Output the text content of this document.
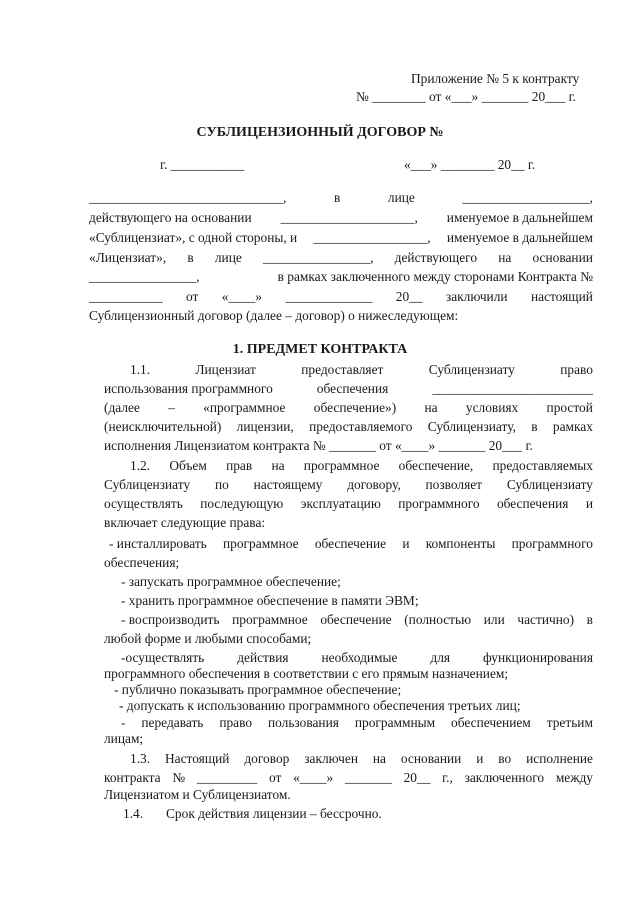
Приложение № 5 к контракту
№ ________ от «___» _______ 20___ г.
СУБЛИЦЕНЗИОННЫЙ ДОГОВОР №
г. ___________	«___» ________ 20__ г.
_____________________________,	в	лице	___________________,
действующего на основании ____________________, именуемое в дальнейшем
«Сублицензиат», с одной стороны, и _________________, именуемое в дальнейшем
«Лицензиат», в лице ________________, действующего на основании
________________,	в рамках заключенного между сторонами Контракта №
___________ от «____» _____________ 20__ заключили настоящий
Сублицензионный договор (далее – договор) о нижеследующем:
1. ПРЕДМЕТ КОНТРАКТА
1.1.	Лицензиат	предоставляет	Сублицензиату	право
использования программного	обеспечения	________________________
(далее – «программное обеспечение») на условиях простой
(неисключительной) лицензии, предоставляемого Сублицензиату, в рамках
исполнения Лицензиатом контракта № _______ от «____» _______ 20___ г.
1.2. Объем прав на программное обеспечение, предоставляемых
Сублицензиату по настоящему договору, позволяет Сублицензиату
осуществлять последующую эксплуатацию программного обеспечения и
включает следующие права:
- инсталлировать программное обеспечение и компоненты программного
обеспечения;
- запускать программное обеспечение;
- хранить программное обеспечение в памяти ЭВМ;
- воспроизводить программное обеспечение (полностью или частично) в
любой форме и любыми способами;
-осуществлять действия необходимые для функционирования
программного обеспечения в соответствии с его прямым назначением;
- публично показывать программное обеспечение;
- допускать к использованию программного обеспечения третьих лиц;
- передавать право пользования программным обеспечением третьим
лицам;
1.3. Настоящий договор заключен на основании и во исполнение
контракта № _________ от «____» _______ 20__ г., заключенного между
Лицензиатом и Сублицензиатом.
1.4. Срок действия лицензии – бессрочно.
